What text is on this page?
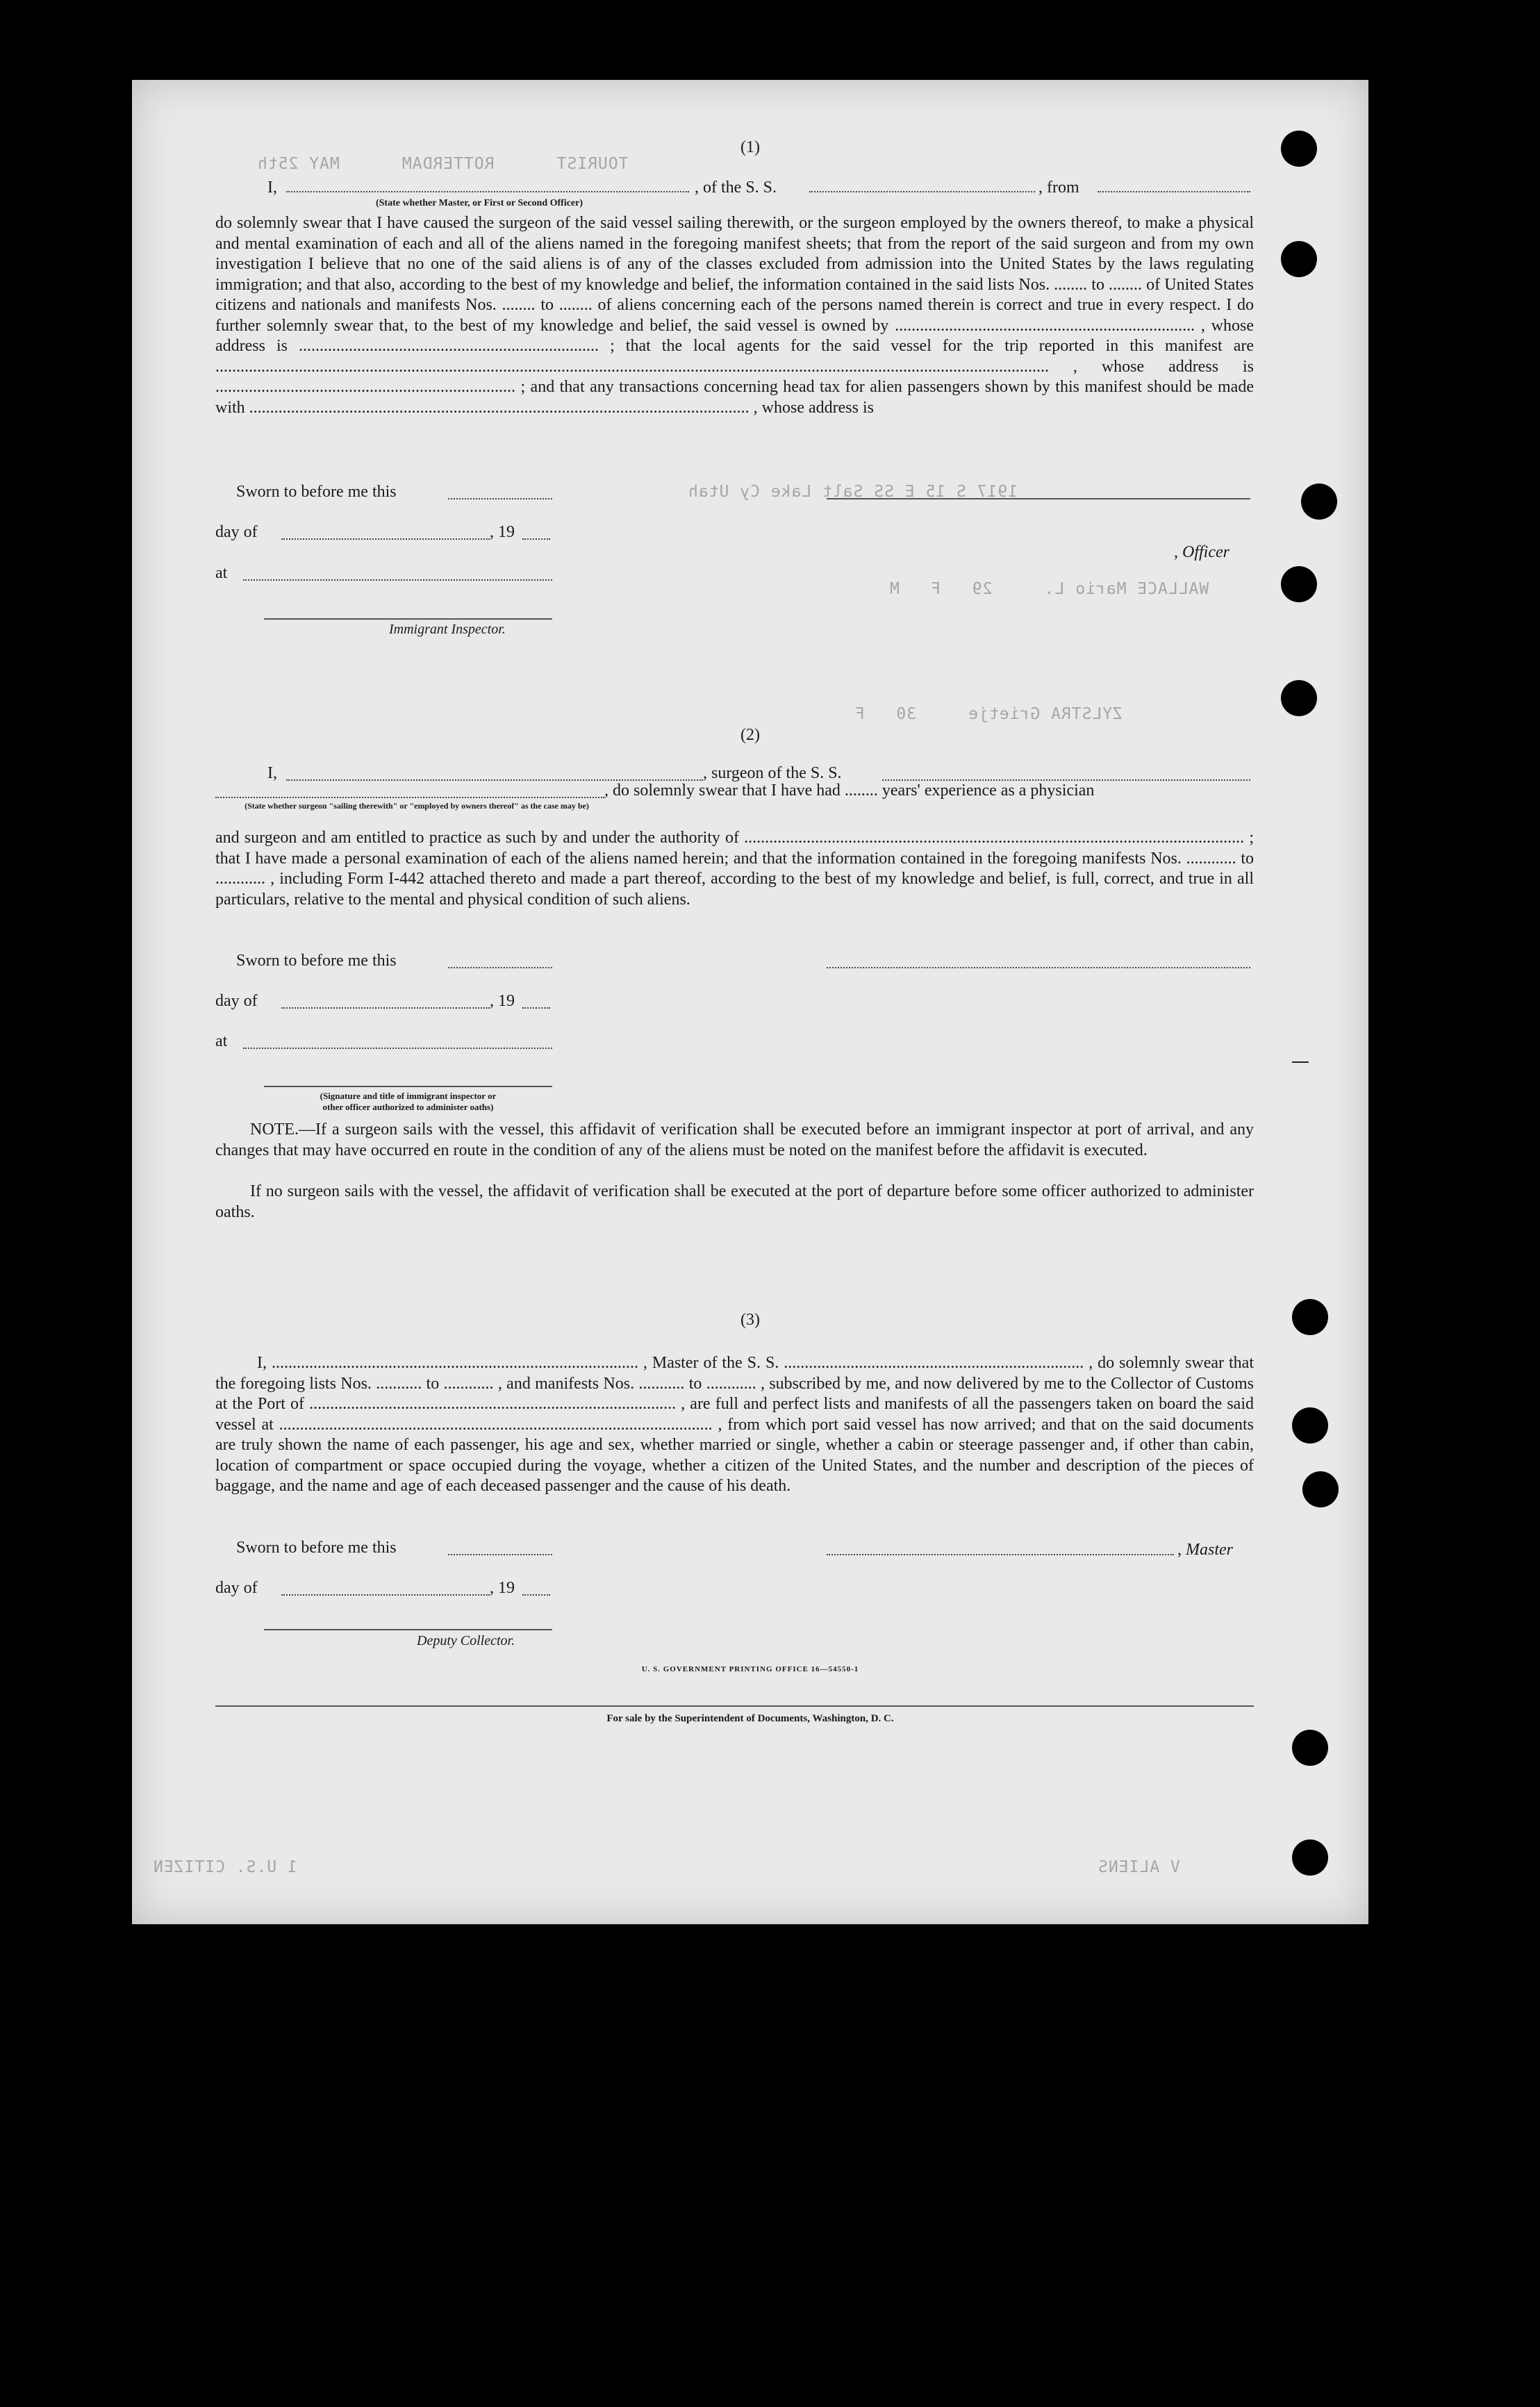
TOURIST      ROTTERDAM      MAY 25th
1917 S 15 E SS Salt Lake Cy Utah
WALLACE Mario L.     29   F   M
ZYLSTRA Grietje     30   F
1 U.S. CITIZEN	V ALIENS
(1)
I,	, of the S. S.	, from
(State whether Master, or First or Second Officer)
do solemnly swear that I have caused the surgeon of the said vessel sailing therewith, or the surgeon employed by the owners thereof, to make a physical and mental examination of each and all of the aliens named in the foregoing manifest sheets; that from the report of the said surgeon and from my own investigation I believe that no one of the said aliens is of any of the classes excluded from admission into the United States by the laws regulating immigration; and that also, according to the best of my knowledge and belief, the information contained in the said lists Nos. ........ to ........ of United States citizens and nationals and manifests Nos. ........ to ........ of aliens concerning each of the persons named therein is correct and true in every respect. I do further solemnly swear that, to the best of my knowledge and belief, the said vessel is owned by ........................................................................ , whose address is ........................................................................ ; that the local agents for the said vessel for the trip reported in this manifest are ........................................................................................................................................................................................................ , whose address is ........................................................................ ; and that any transactions concerning head tax for alien passengers shown by this manifest should be made with ........................................................................................................................ , whose address is
Sworn to before me this
day of	, 19
, Officer
at
Immigrant Inspector.
(2)
I,	, surgeon of the S. S.
, do solemnly swear that I have had ........ years' experience as a physician
(State whether surgeon "sailing therewith" or "employed by owners thereof" as the case may be)
and surgeon and am entitled to practice as such by and under the authority of ........................................................................................................................ ; that I have made a personal examination of each of the aliens named herein; and that the information contained in the foregoing manifests Nos. ............ to ............ , including Form I-442 attached thereto and made a part thereof, according to the best of my knowledge and belief, is full, correct, and true in all particulars, relative to the mental and physical condition of such aliens.
Sworn to before me this
day of	, 19
at
(Signature and title of immigrant inspector or
other officer authorized to administer oaths)
NOTE.—If a surgeon sails with the vessel, this affidavit of verification shall be executed before an immigrant inspector at port of arrival, and any changes that may have occurred en route in the condition of any of the aliens must be noted on the manifest before the affidavit is executed.
If no surgeon sails with the vessel, the affidavit of verification shall be executed at the port of departure before some officer authorized to administer oaths.
(3)
I, ........................................................................................ , Master of the S. S. ........................................................................ , do solemnly swear that the foregoing lists Nos. ........... to ............ , and manifests Nos. ........... to ............ , subscribed by me, and now delivered by me to the Collector of Customs at the Port of ........................................................................................ , are full and perfect lists and manifests of all the passengers taken on board the said vessel at ........................................................................................................ , from which port said vessel has now arrived; and that on the said documents are truly shown the name of each passenger, his age and sex, whether married or single, whether a cabin or steerage passenger and, if other than cabin, location of compartment or space occupied during the voyage, whether a citizen of the United States, and the number and description of the pieces of baggage, and the name and age of each deceased passenger and the cause of his death.
Sworn to before me this	, Master
day of	, 19
Deputy Collector.
U. S. GOVERNMENT PRINTING OFFICE 16—54550-1
For sale by the Superintendent of Documents, Washington, D. C.
